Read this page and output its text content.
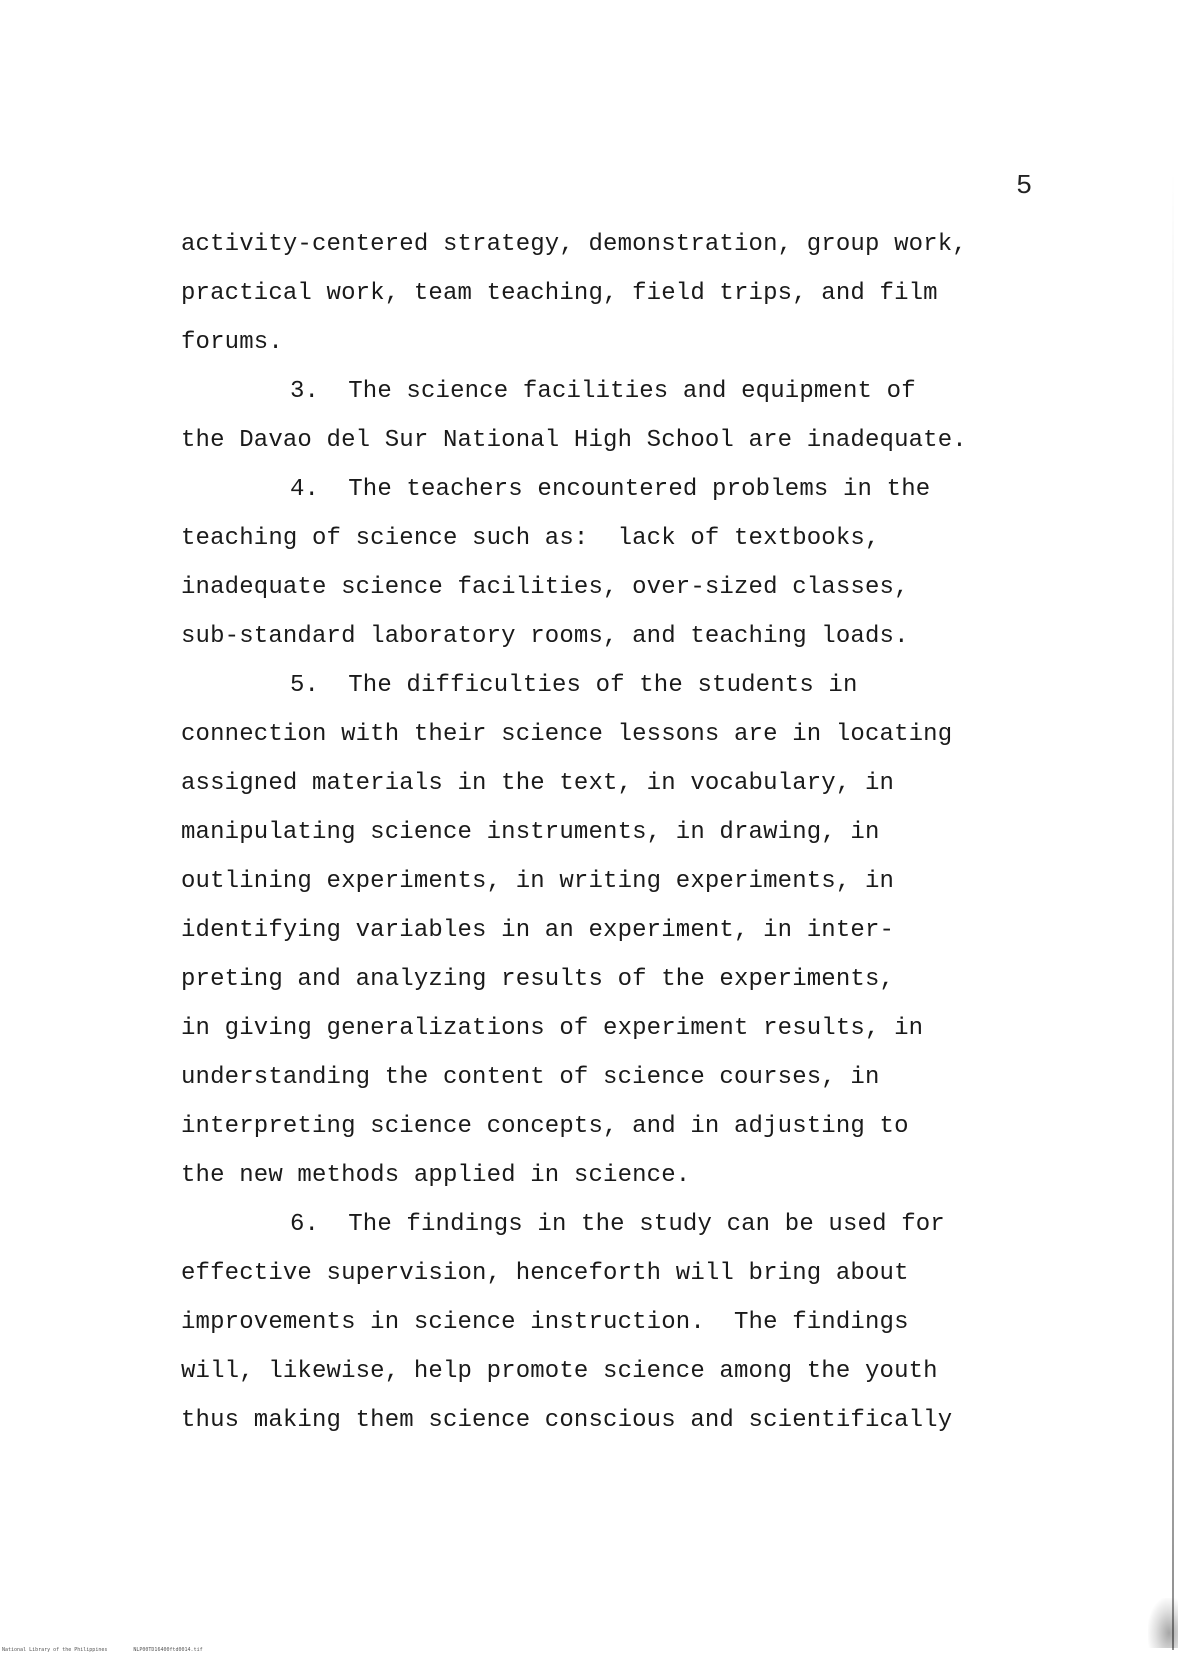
5
activity-centered strategy, demonstration, group work,
practical work, team teaching, field trips, and film
forums.
3.  The science facilities and equipment of
the Davao del Sur National High School are inadequate.
4.  The teachers encountered problems in the
teaching of science such as:  lack of textbooks,
inadequate science facilities, over-sized classes,
sub-standard laboratory rooms, and teaching loads.
5.  The difficulties of the students in
connection with their science lessons are in locating
assigned materials in the text, in vocabulary, in
manipulating science instruments, in drawing, in
outlining experiments, in writing experiments, in
identifying variables in an experiment, in inter-
preting and analyzing results of the experiments,
in giving generalizations of experiment results, in
understanding the content of science courses, in
interpreting science concepts, and in adjusting to
the new methods applied in science.
6.  The findings in the study can be used for
effective supervision, henceforth will bring about
improvements in science instruction.  The findings
will, likewise, help promote science among the youth
thus making them science conscious and scientifically
National Library of the Philippines	NLP00TD16400ftd0014.tif
